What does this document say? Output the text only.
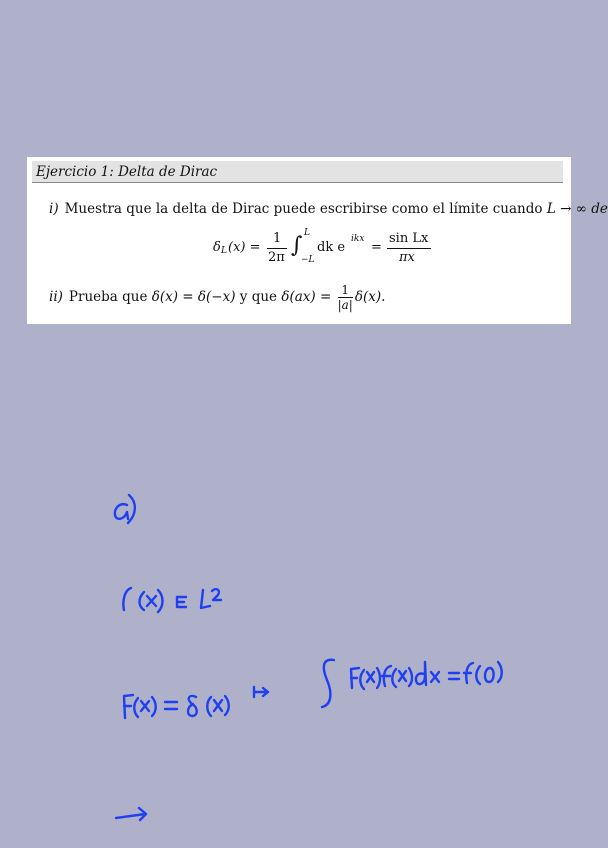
Ejercicio 1: Delta de Dirac
i) Muestra que la delta de Dirac puede escribirse como el límite cuando L → ∞ de
δ L (x) =
1
2π ∫ L
−L
dk e
ikx
=
sin Lx
πx
ii) Prueba que δ(x) = δ(−x) y que $\delta(ax) = \frac{1}{|a|} \delta(x)$.
